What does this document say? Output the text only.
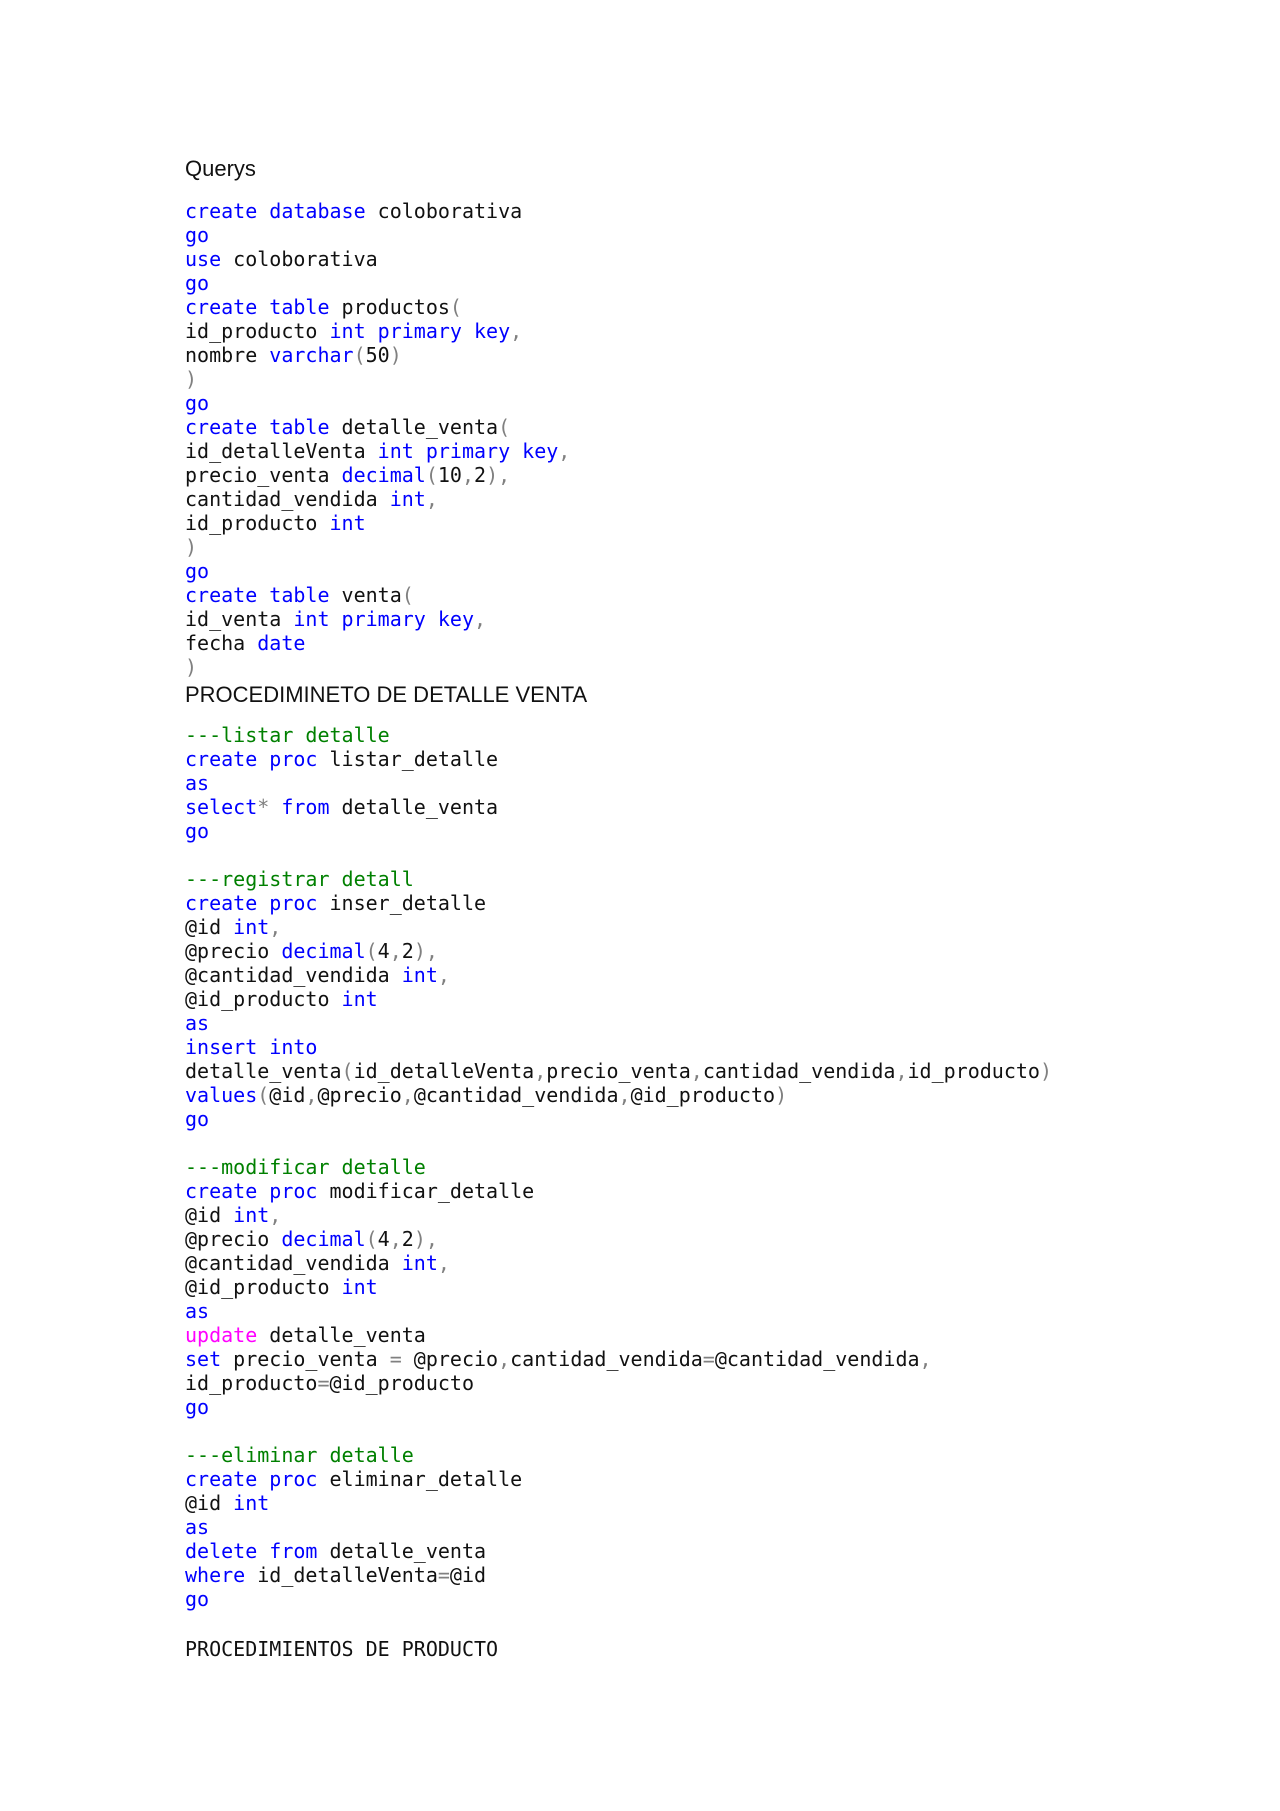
Querys
create database coloborativa
go
use coloborativa
go
create table productos(
id_producto int primary key,
nombre varchar(50)
)
go
create table detalle_venta(
id_detalleVenta int primary key,
precio_venta decimal(10,2),
cantidad_vendida int,
id_producto int
)
go
create table venta(
id_venta int primary key,
fecha date
)
PROCEDIMINETO DE DETALLE VENTA
---listar detalle
create proc listar_detalle
as
select* from detalle_venta
go
---registrar detall
create proc inser_detalle
@id int,
@precio decimal(4,2),
@cantidad_vendida int,
@id_producto int
as
insert into
detalle_venta(id_detalleVenta,precio_venta,cantidad_vendida,id_producto)
values(@id,@precio,@cantidad_vendida,@id_producto)
go
---modificar detalle
create proc modificar_detalle
@id int,
@precio decimal(4,2),
@cantidad_vendida int,
@id_producto int
as
update detalle_venta
set precio_venta = @precio,cantidad_vendida=@cantidad_vendida,
id_producto=@id_producto
go
---eliminar detalle
create proc eliminar_detalle
@id int
as
delete from detalle_venta
where id_detalleVenta=@id
go
PROCEDIMIENTOS DE PRODUCTO
